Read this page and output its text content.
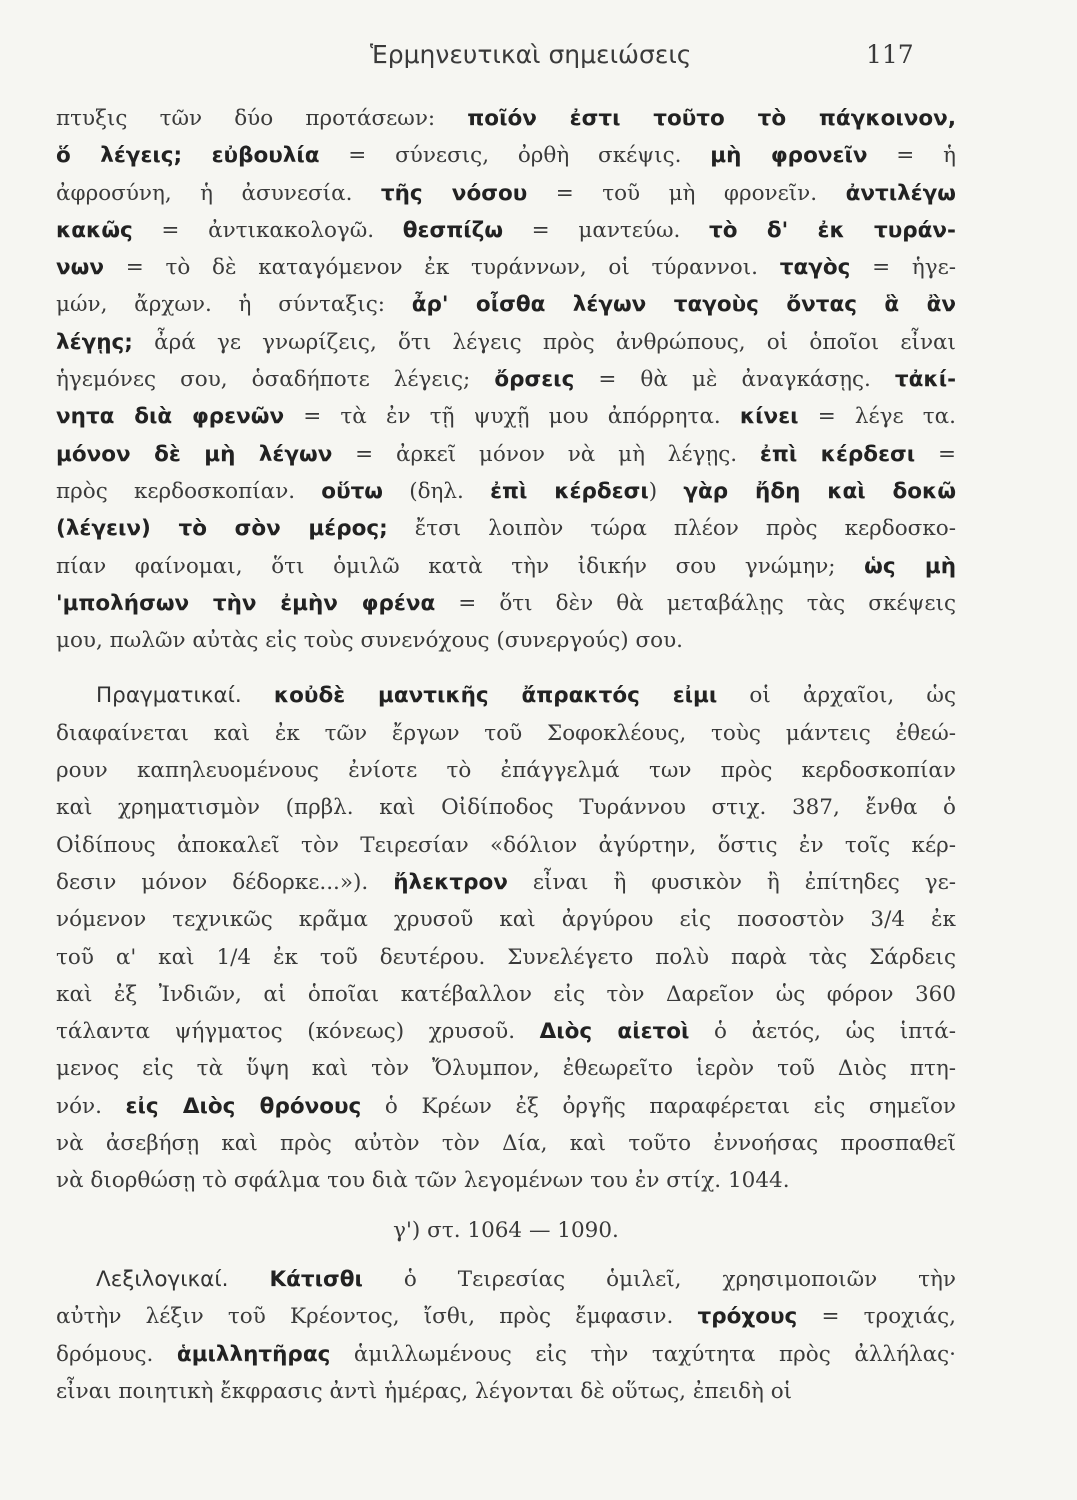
Ἑρμηνευτικαὶ σημειώσεις	117
πτυξις τῶν δύο προτάσεων: ποῖόν ἐστι τοῦτο τὸ πάγκοινον,
ὅ λέγεις; εὐβουλία = σύνεσις, ὀρθὴ σκέψις. μὴ φρονεῖν = ἡ
ἀφροσύνη, ἡ ἀσυνεσία. τῆς νόσου = τοῦ μὴ φρονεῖν. ἀντιλέγω
κακῶς = ἀντικακολογῶ. θεσπίζω = μαντεύω. τὸ δ' ἐκ τυράν-
νων = τὸ δὲ καταγόμενον ἐκ τυράννων, οἱ τύραννοι. ταγὸς = ἡγε-
μών, ἄρχων. ἡ σύνταξις: ἆρ' οἶσθα λέγων ταγοὺς ὄντας ἃ ἂν
λέγῃς; ἆρά γε γνωρίζεις, ὅτι λέγεις πρὸς ἀνθρώπους, οἱ ὁποῖοι εἶναι
ἡγεμόνες σου, ὁσαδήποτε λέγεις; ὄρσεις = θὰ μὲ ἀναγκάσῃς. τἀκί-
νητα διὰ φρενῶν = τὰ ἐν τῇ ψυχῇ μου ἀπόρρητα. κίνει = λέγε τα.
μόνον δὲ μὴ λέγων = ἀρκεῖ μόνον νὰ μὴ λέγῃς. ἐπὶ κέρδεσι =
πρὸς κερδοσκοπίαν. οὕτω (δηλ. ἐπὶ κέρδεσι) γὰρ ἤδη καὶ δοκῶ
(λέγειν) τὸ σὸν μέρος; ἔτσι λοιπὸν τώρα πλέον πρὸς κερδοσκο-
πίαν φαίνομαι, ὅτι ὁμιλῶ κατὰ τὴν ἰδικήν σου γνώμην; ὡς μὴ
'μπολήσων τὴν ἐμὴν φρένα = ὅτι δὲν θὰ μεταβάλῃς τὰς σκέψεις
μου, πωλῶν αὐτὰς εἰς τοὺς συνενόχους (συνεργούς) σου.
Πραγματικαί. κοὐδὲ μαντικῆς ἄπρακτός εἰμι οἱ ἀρχαῖοι, ὡς
διαφαίνεται καὶ ἐκ τῶν ἔργων τοῦ Σοφοκλέους, τοὺς μάντεις ἐθεώ-
ρουν καπηλευομένους ἐνίοτε τὸ ἐπάγγελμά των πρὸς κερδοσκοπίαν
καὶ χρηματισμὸν (πρβλ. καὶ Οἰδίποδος Τυράννου στιχ. 387, ἔνθα ὁ
Οἰδίπους ἀποκαλεῖ τὸν Τειρεσίαν «δόλιον ἀγύρτην, ὅστις ἐν τοῖς κέρ-
δεσιν μόνον δέδορκε...»). ἤλεκτρον εἶναι ἢ φυσικὸν ἢ ἐπίτηδες γε-
νόμενον τεχνικῶς κρᾶμα χρυσοῦ καὶ ἀργύρου εἰς ποσοστὸν 3/4 ἐκ
τοῦ α' καὶ 1/4 ἐκ τοῦ δευτέρου. Συνελέγετο πολὺ παρὰ τὰς Σάρδεις
καὶ ἐξ Ἰνδιῶν, αἱ ὁποῖαι κατέβαλλον εἰς τὸν Δαρεῖον ὡς φόρον 360
τάλαντα ψήγματος (κόνεως) χρυσοῦ. Διὸς αἰετοὶ ὁ ἀετός, ὡς ἱπτά-
μενος εἰς τὰ ὕψη καὶ τὸν Ὄλυμπον, ἐθεωρεῖτο ἱερὸν τοῦ Διὸς πτη-
νόν. εἰς Διὸς θρόνους ὁ Κρέων ἐξ ὀργῆς παραφέρεται εἰς σημεῖον
νὰ ἀσεβήσῃ καὶ πρὸς αὐτὸν τὸν Δία, καὶ τοῦτο ἐννοήσας προσπαθεῖ
νὰ διορθώσῃ τὸ σφάλμα του διὰ τῶν λεγομένων του ἐν στίχ. 1044.
γ') στ. 1064 — 1090.
Λεξιλογικαί. Κάτισθι ὁ Τειρεσίας ὁμιλεῖ, χρησιμοποιῶν τὴν
αὐτὴν λέξιν τοῦ Κρέοντος, ἴσθι, πρὸς ἔμφασιν. τρόχους = τροχιάς,
δρόμους. ἁμιλλητῆρας ἁμιλλωμένους εἰς τὴν ταχύτητα πρὸς ἀλλήλας·
εἶναι ποιητικὴ ἔκφρασις ἀντὶ ἡμέρας, λέγονται δὲ οὕτως, ἐπειδὴ οἱ
